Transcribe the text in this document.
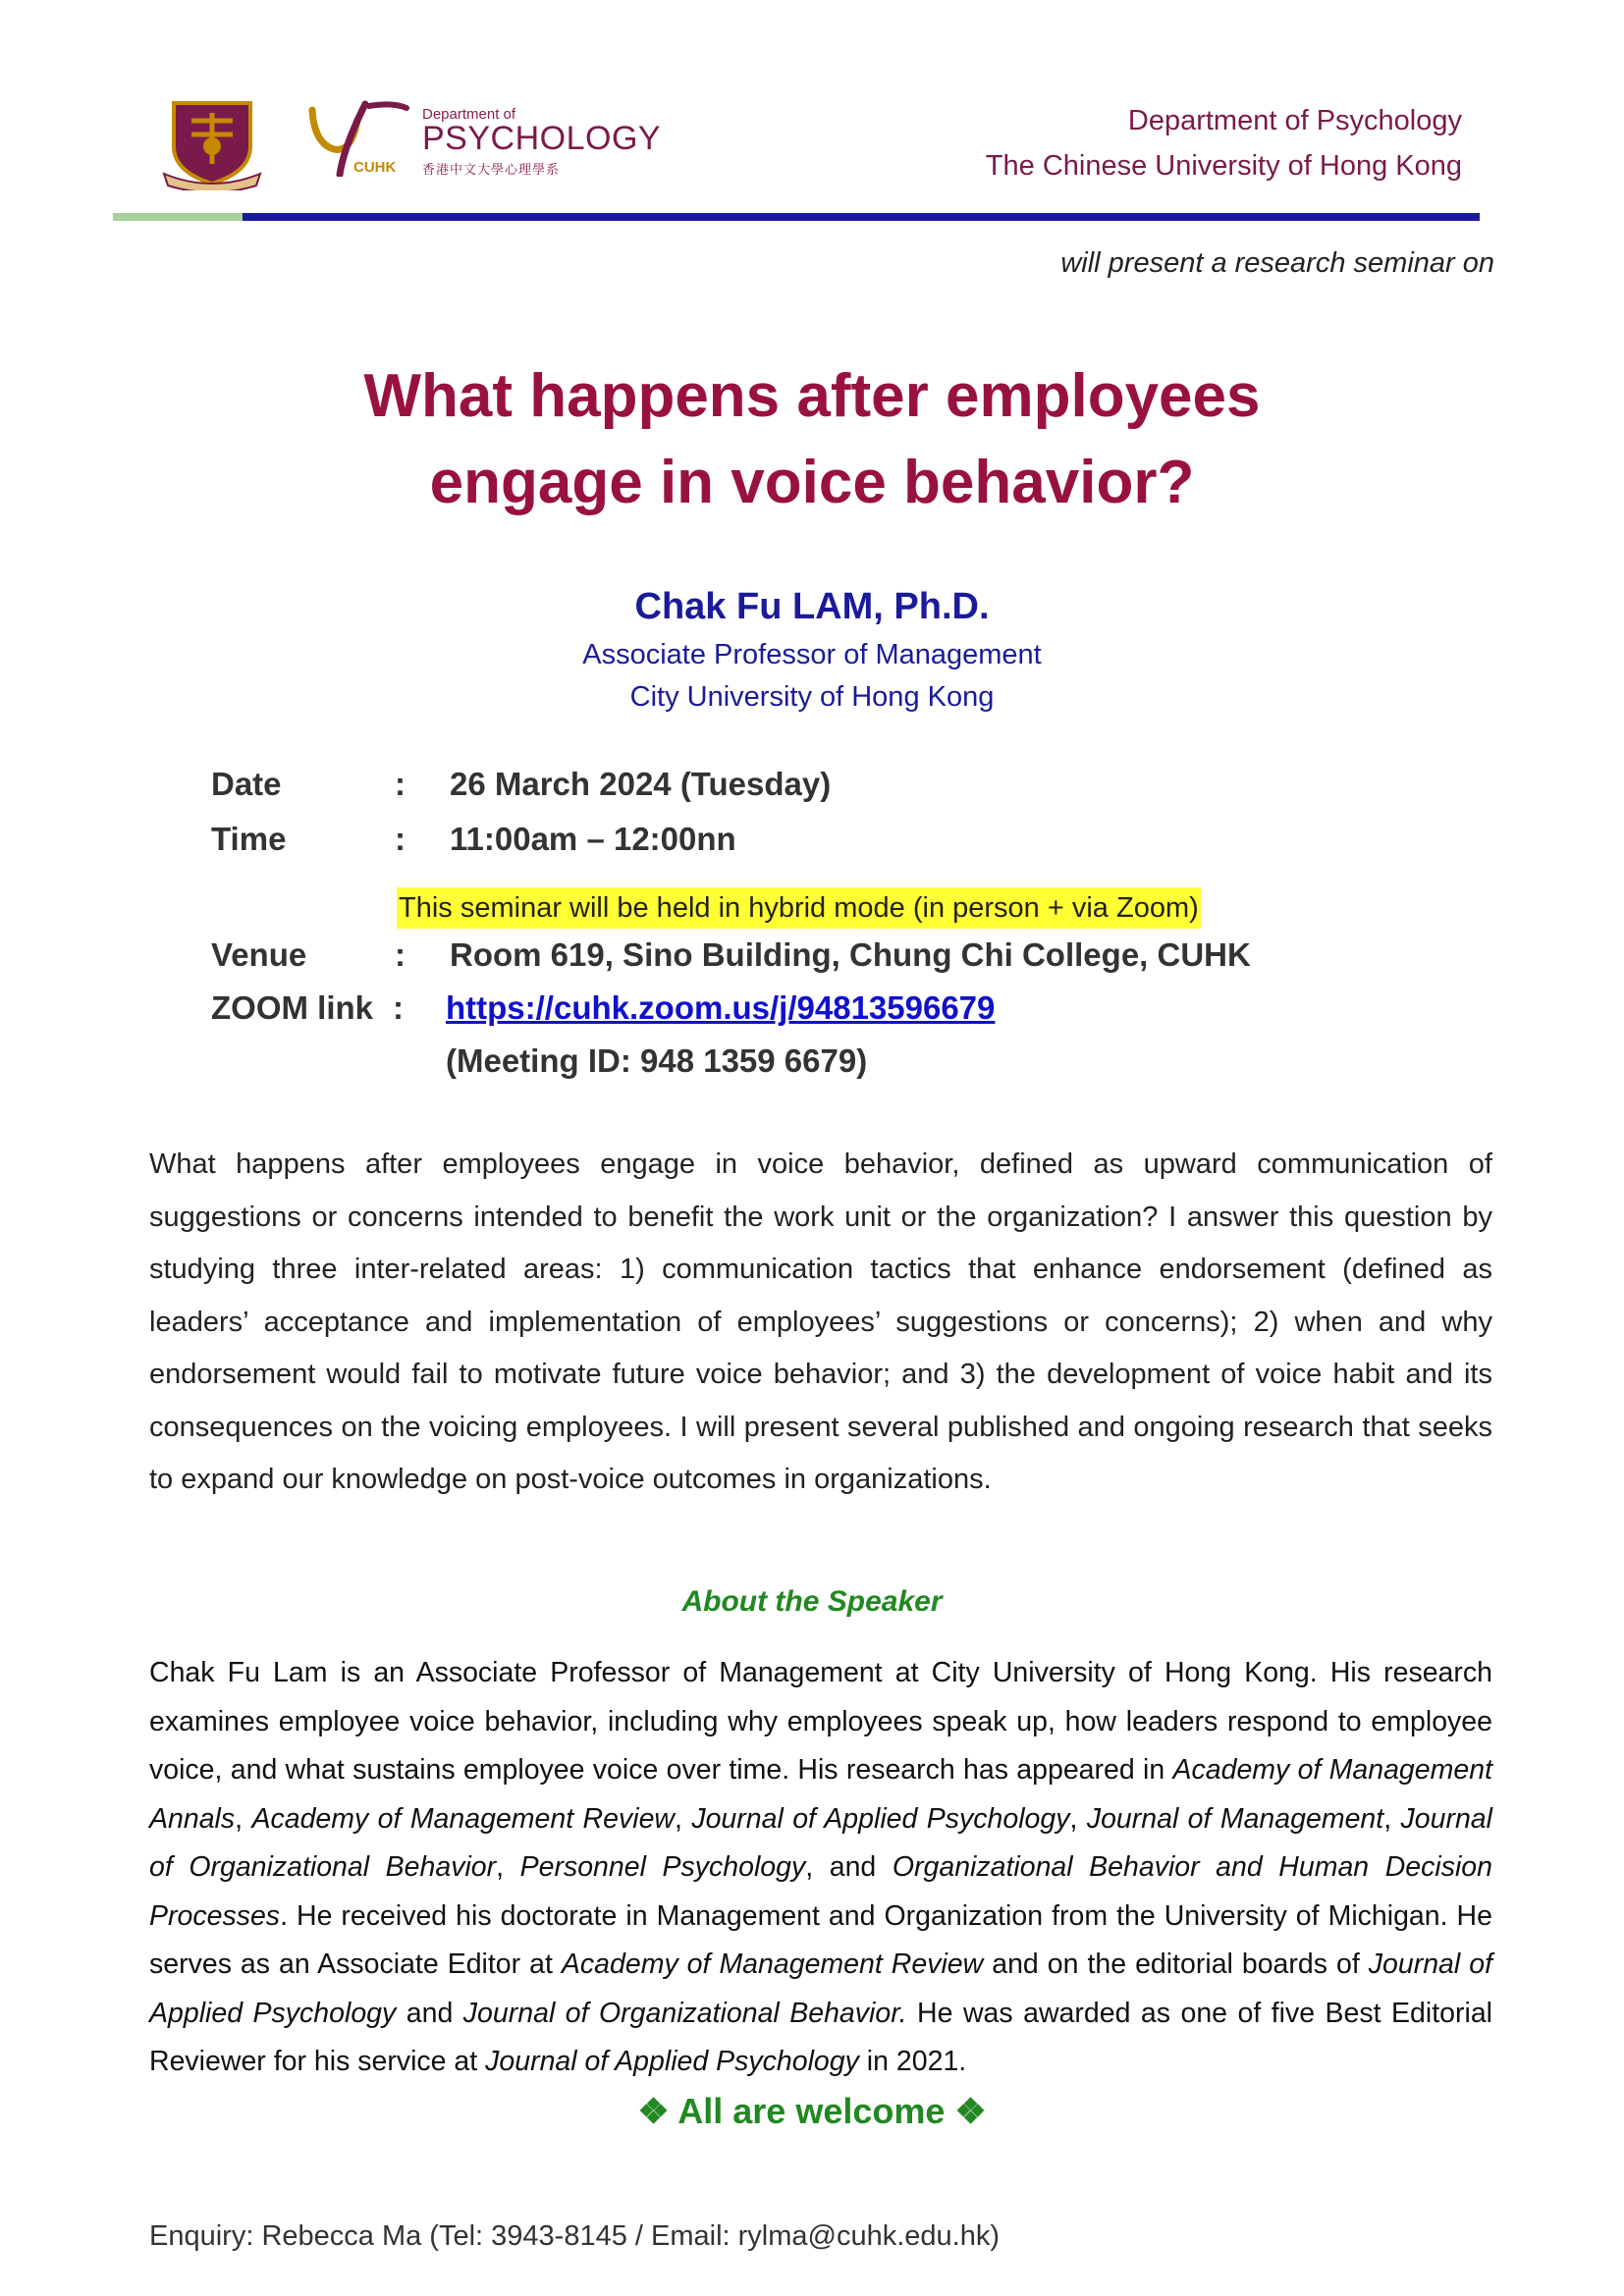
CUHK
Department of
PSYCHOLOGY
香港中文大學心理學系
Department of Psychology
The Chinese University of Hong Kong
will present a research seminar on
What happens after employees
engage in voice behavior?
Chak Fu LAM, Ph.D.
Associate Professor of Management
City University of Hong Kong
Date	: 26 March 2024 (Tuesday)
Time	: 11:00am – 12:00nn
This seminar will be held in hybrid mode (in person + via Zoom)
Venue	: Room 619, Sino Building, Chung Chi College, CUHK
ZOOM link : https://cuhk.zoom.us/j/94813596679
(Meeting ID: 948 1359 6679)
What happens after employees engage in voice behavior, defined as upward communication of suggestions or concerns intended to benefit the work unit or the organization? I answer this question by studying three inter-related areas: 1) communication tactics that enhance endorsement (defined as leaders’ acceptance and implementation of employees’ suggestions or concerns); 2) when and why endorsement would fail to motivate future voice behavior; and 3) the development of voice habit and its consequences on the voicing employees. I will present several published and ongoing research that seeks to expand our knowledge on post-voice outcomes in organizations.
About the Speaker
Chak Fu Lam is an Associate Professor of Management at City University of Hong Kong. His research examines employee voice behavior, including why employees speak up, how leaders respond to employee voice, and what sustains employee voice over time. His research has appeared in Academy of Management Annals, Academy of Management Review, Journal of Applied Psychology, Journal of Management, Journal of Organizational Behavior, Personnel Psychology, and Organizational Behavior and Human Decision Processes. He received his doctorate in Management and Organization from the University of Michigan. He serves as an Associate Editor at Academy of Management Review and on the editorial boards of Journal of Applied Psychology and Journal of Organizational Behavior. He was awarded as one of five Best Editorial Reviewer for his service at Journal of Applied Psychology in 2021.
❖ All are welcome ❖
Enquiry: Rebecca Ma (Tel: 3943-8145 / Email: rylma@cuhk.edu.hk)
